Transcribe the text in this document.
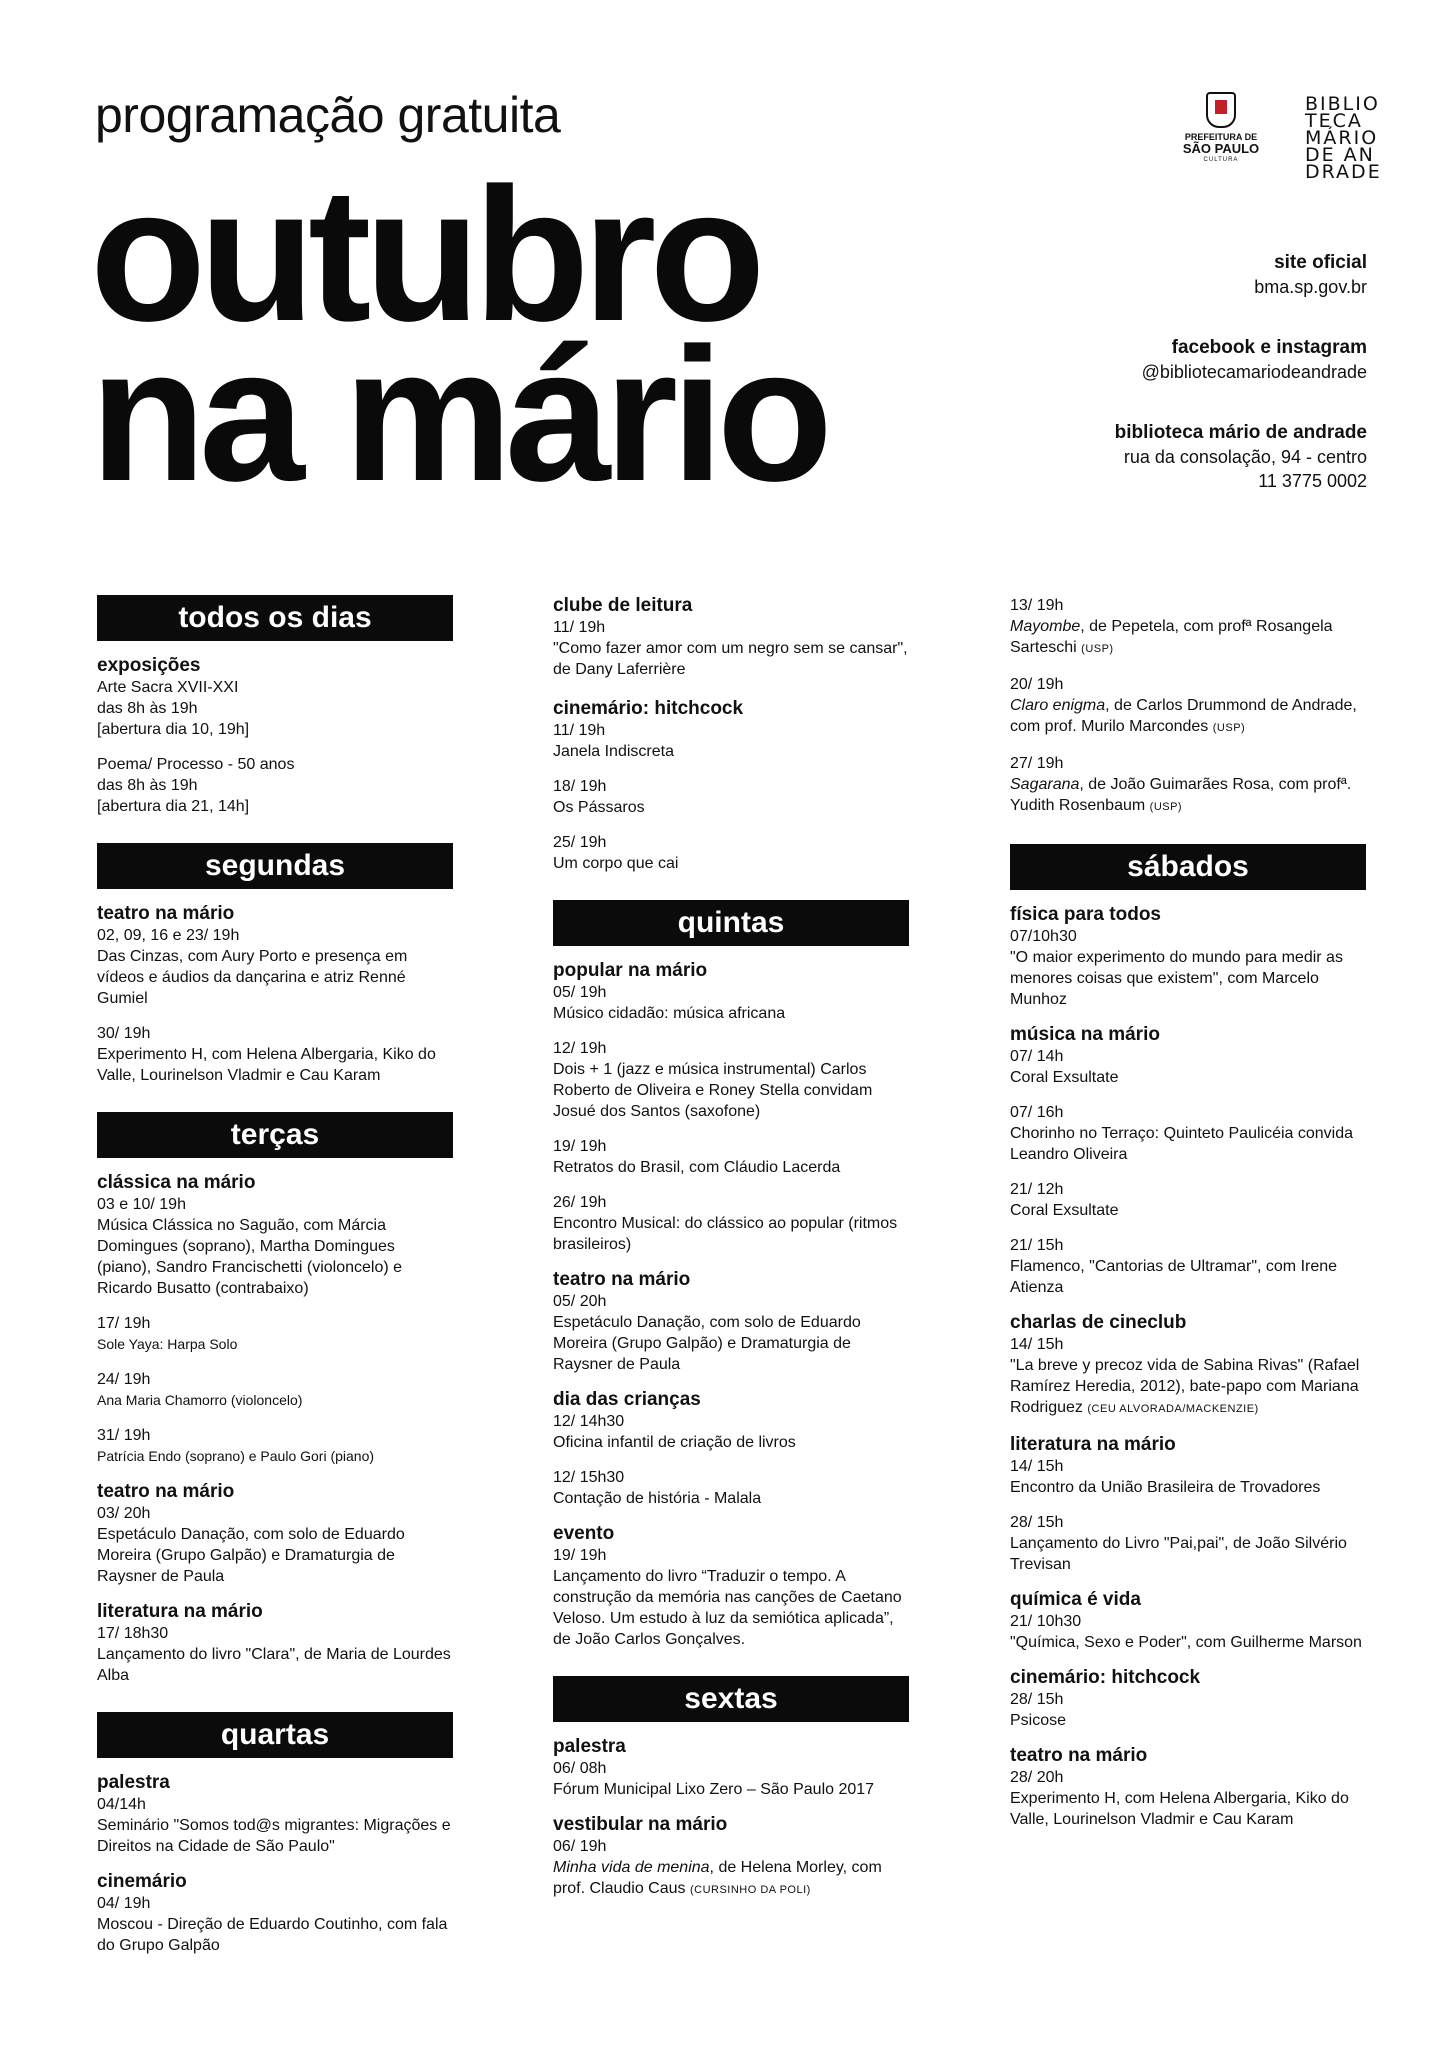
programação gratuita
outubro
na mário
PREFEITURA DE
SÃO PAULO
CULTURA
BIBLIO
TECA
MÁRIO
DE AN
DRADE
site oficial
bma.sp.gov.br
facebook e instagram
@bibliotecamariodeandrade
biblioteca mário de andrade
rua da consolação, 94 - centro
11 3775 0002
todos os dias
exposições
Arte Sacra XVII-XXI
das 8h às 19h
[abertura dia 10, 19h]
Poema/ Processo - 50 anos
das 8h às 19h
[abertura dia 21, 14h]
segundas
teatro na mário
02, 09, 16 e 23/ 19h
Das Cinzas, com Aury Porto e presença em vídeos e áudios da dançarina e atriz Renné Gumiel
30/ 19h
Experimento H, com Helena Albergaria, Kiko do Valle, Lourinelson Vladmir e Cau Karam
terças
clássica na mário
03 e 10/ 19h
Música Clássica no Saguão, com Márcia Domingues (soprano), Martha Domingues (piano), Sandro Francischetti (violoncelo) e Ricardo Busatto (contrabaixo)
17/ 19h
Sole Yaya: Harpa Solo
24/ 19h
Ana Maria Chamorro (violoncelo)
31/ 19h
Patrícia Endo (soprano) e Paulo Gori (piano)
teatro na mário
03/ 20h
Espetáculo Danação, com solo de Eduardo Moreira (Grupo Galpão) e Dramaturgia de Raysner de Paula
literatura na mário
17/ 18h30
Lançamento do livro "Clara", de Maria de Lourdes Alba
quartas
palestra
04/14h
Seminário "Somos tod@s migrantes: Migrações e Direitos na Cidade de São Paulo"
cinemário
04/ 19h
Moscou - Direção de Eduardo Coutinho, com fala do Grupo Galpão
clube de leitura
11/ 19h
"Como fazer amor com um negro sem se cansar", de Dany Laferrière
cinemário: hitchcock
11/ 19h
Janela Indiscreta
18/ 19h
Os Pássaros
25/ 19h
Um corpo que cai
quintas
popular na mário
05/ 19h
Músico cidadão: música africana
12/ 19h
Dois + 1 (jazz e música instrumental) Carlos Roberto de Oliveira e Roney Stella convidam Josué dos Santos (saxofone)
19/ 19h
Retratos do Brasil, com Cláudio Lacerda
26/ 19h
Encontro Musical: do clássico ao popular (ritmos brasileiros)
teatro na mário
05/ 20h
Espetáculo Danação, com solo de Eduardo Moreira (Grupo Galpão) e Dramaturgia de Raysner de Paula
dia das crianças
12/ 14h30
Oficina infantil de criação de livros
12/ 15h30
Contação de história - Malala
evento
19/ 19h
Lançamento do livro “Traduzir o tempo. A construção da memória nas canções de Caetano Veloso. Um estudo à luz da semiótica aplicada”, de João Carlos Gonçalves.
sextas
palestra
06/ 08h
Fórum Municipal Lixo Zero – São Paulo 2017
vestibular na mário
06/ 19h
Minha vida de menina, de Helena Morley, com prof. Claudio Caus (CURSINHO DA POLI)
13/ 19h
Mayombe, de Pepetela, com profª Rosangela Sarteschi (USP)
20/ 19h
Claro enigma, de Carlos Drummond de Andrade, com prof. Murilo Marcondes (USP)
27/ 19h
Sagarana, de João Guimarães Rosa, com profª. Yudith Rosenbaum (USP)
sábados
física para todos
07/10h30
"O maior experimento do mundo para medir as menores coisas que existem", com Marcelo Munhoz
música na mário
07/ 14h
Coral Exsultate
07/ 16h
Chorinho no Terraço: Quinteto Paulicéia convida Leandro Oliveira
21/ 12h
Coral Exsultate
21/ 15h
Flamenco, "Cantorias de Ultramar", com Irene Atienza
charlas de cineclub
14/ 15h
"La breve y precoz vida de Sabina Rivas" (Rafael Ramírez Heredia, 2012), bate-papo com Mariana Rodriguez (CEU ALVORADA/MACKENZIE)
literatura na mário
14/ 15h
Encontro da União Brasileira de Trovadores
28/ 15h
Lançamento do Livro "Pai,pai", de João Silvério Trevisan
química é vida
21/ 10h30
"Química, Sexo e Poder", com Guilherme Marson
cinemário: hitchcock
28/ 15h
Psicose
teatro na mário
28/ 20h
Experimento H, com Helena Albergaria, Kiko do Valle, Lourinelson Vladmir e Cau Karam
